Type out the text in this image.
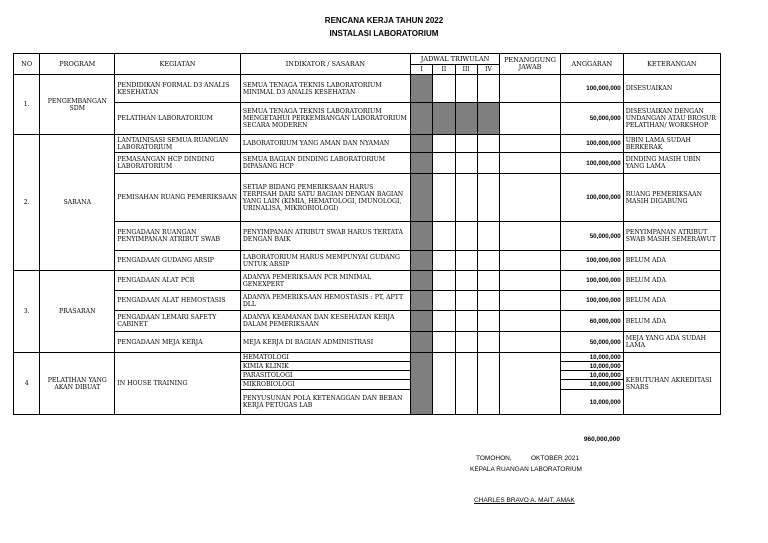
RENCANA KERJA TAHUN 2022
INSTALASI LABORATORIUM
NO	PROGRAM	KEGIATAN	INDIKATOR / SASARAN	JADWAL TRIWULAN				PENANGGUNG JAWAB	ANGGARAN	KETERANGAN
				I	II	III	IV			
1.	PENGEMBANGAN SDM	PENDIDIKAN FORMAL D3 ANALIS KESEHATAN	SEMUA TENAGA TEKNIS LABORATORIUM MINIMAL D3 ANALIS KESEHATAN						100,000,000	DISESUAIKAN
		PELATIHAN LABORATORIUM	SEMUA TENAGA TEKNIS LABORATORIUM MENGETAHUI PERKEMBANGAN LABORATORIUM SECARA MODEREN						50,000,000	DISESUAIKAN DENGAN UNDANGAN ATAU BROSUR PELATIHAN/ WORKSHOP
2.	SARANA	LANTAINISASI SEMUA RUANGAN LABORATORIUM	LABORATORIUM YANG AMAN DAN NYAMAN						100,000,000	UBIN LAMA SUDAH BERKERAK
		PEMASANGAN HCP DINDING LABORATORIUM	SEMUA BAGIAN DINDING LABORATORIUM DIPASANG HCP						100,000,000	DINDING MASIH UBIN YANG LAMA
		PEMISAHAN RUANG PEMERIKSAAN	SETIAP BIDANG PEMERIKSAAN HARUS TERPISAH DARI SATU BAGIAN DENGAN BAGIAN YANG LAIN (KIMIA, HEMATOLOGI, IMUNOLOGI, URINALISA, MIKROBIOLOGI)						100,000,000	RUANG PEMERIKSAAN MASIH DIGABUNG
		PENGADAAN RUANGAN PENYIMPANAN ATRIBUT SWAB	PENYIMPANAN ATRIBUT SWAB HARUS TERTATA DENGAN BAIK						50,000,000	PENYIMPANAN ATRIBUT SWAB MASIH SEMERAWUT
		PENGADAAN GUDANG ARSIP	LABORATORIUM HARUS MEMPUNYAI GUDANG UNTUK ARSIP						100,000,000	BELUM ADA
3.	PRASARAN	PENGADAAN ALAT PCR	ADANYA PEMERIKSAAN PCR MINIMAL GENEXPERT						100,000,000	BELUM ADA
		PENGADAAN ALAT HEMOSTASIS	ADANYA PEMERIKSAAN HEMOSTASIS : PT, APTT DLL						100,000,000	BELUM ADA
		PENGADAAN LEMARI SAFETY CABINET	ADANYA KEAMANAN DAN KESEHATAN KERJA DALAM PEMERIKSAAN						60,000,000	BELUM ADA
		PENGADAAN MEJA KERJA	MEJA KERJA DI BAGIAN ADMINISTRASI						50,000,000	MEJA YANG ADA SUDAH LAMA
4	PELATIHAN YANG AKAN DIBUAT	IN HOUSE TRAINING	HEMATOLOGI						10,000,000	KEBUTUHAN AKREDITASI SNARS
			KIMIA KLINIK						10,000,000	
			PARASITOLOGI						10,000,000	
			MIKROBIOLOGI						10,000,000	
			PENYUSUNAN POLA KETENAGGAN DAN BEBAN KERJA PETUGAS LAB						10,000,000	
960,000,000
TOMOHON,	OKTOBER 2021
KEPALA RUANGAN LABORATORIUM
CHARLES BRAVO A. MAIT, AMAK
